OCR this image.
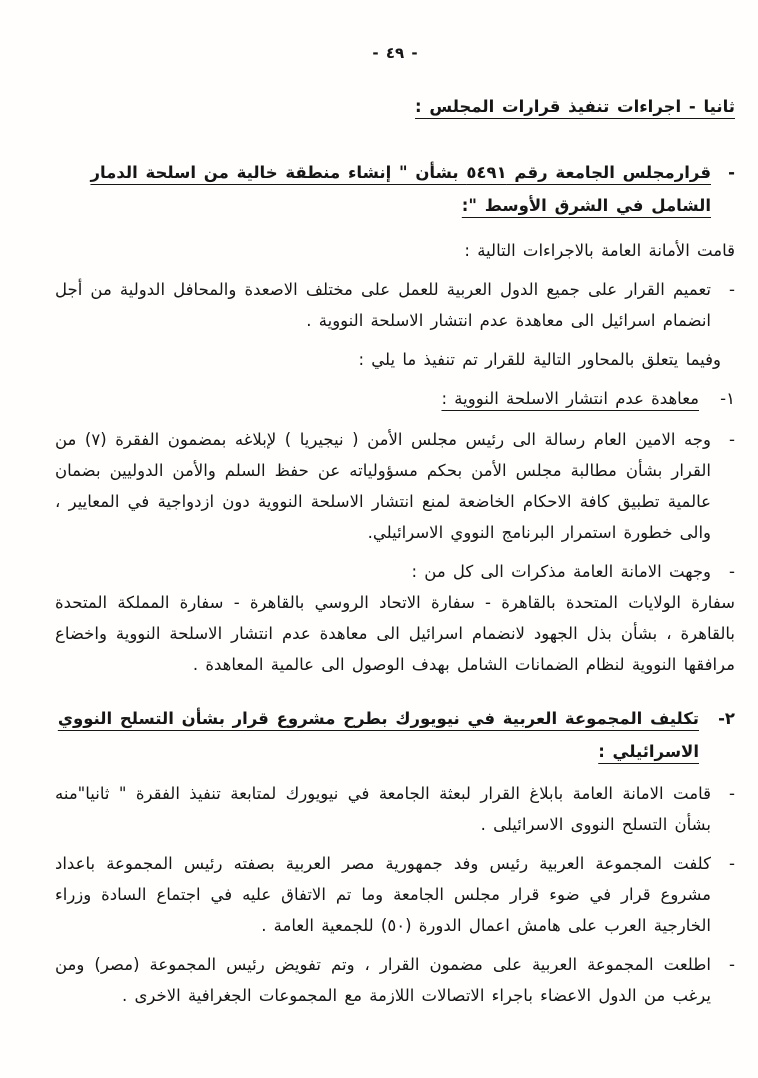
- ٤٩ -
ثانيا - اجراءات تنفيذ قرارات المجلس :
-
قرارمجلس الجامعة رقم ٥٤٩١ بشأن " إنشاء منطقة خالية من اسلحة الدمار
الشامل في الشرق الأوسط ":

قامت الأمانة العامة بالاجراءات التالية :

-
تعميم القرار على جميع الدول العربية للعمل على مختلف الاصعدة والمحافل الدولية من أجل انضمام اسرائيل الى معاهدة عدم انتشار الاسلحة النووية .

وفيما يتعلق بالمحاور التالية للقرار تم تنفيذ ما يلي :

١-
معاهدة عدم انتشار الاسلحة النووية :
-
وجه الامين العام رسالة الى رئيس مجلس الأمن ( نيجيريا ) لإبلاغه بمضمون الفقرة (٧) من القرار بشأن مطالبة مجلس الأمن بحكم مسؤولياته عن حفظ السلم والأمن الدوليين بضمان عالمية تطبيق كافة الاحكام الخاضعة لمنع انتشار الاسلحة النووية دون ازدواجية في المعايير ، والى خطورة استمرار البرنامج النووي الاسرائيلي.
-
وجهت الامانة العامة مذكرات الى كل من :

سفارة الولايات المتحدة بالقاهرة - سفارة الاتحاد الروسي بالقاهرة - سفارة المملكة المتحدة بالقاهرة ، بشأن بذل الجهود لانضمام اسرائيل الى معاهدة عدم انتشار الاسلحة النووية واخضاع مرافقها النووية لنظام الضمانات الشامل بهدف الوصول الى عالمية المعاهدة .

٢-
تكليف المجموعة العربية في نيويورك بطرح مشروع قرار بشأن التسلح النووي
الاسرائيلي :
-
قامت الامانة العامة بابلاغ القرار لبعثة الجامعة في نيويورك لمتابعة تنفيذ الفقرة " ثانيا"منه بشأن التسلح النووى الاسرائيلى .
-
كلفت المجموعة العربية رئيس وفد جمهورية مصر العربية بصفته رئيس المجموعة باعداد مشروع قرار في ضوء قرار مجلس الجامعة وما تم الاتفاق عليه في اجتماع السادة وزراء الخارجية العرب على هامش اعمال الدورة (٥٠) للجمعية العامة .
-
اطلعت المجموعة العربية على مضمون القرار ، وتم تفويض رئيس المجموعة (مصر) ومن يرغب من الدول الاعضاء باجراء الاتصالات اللازمة مع المجموعات الجغرافية الاخرى .
